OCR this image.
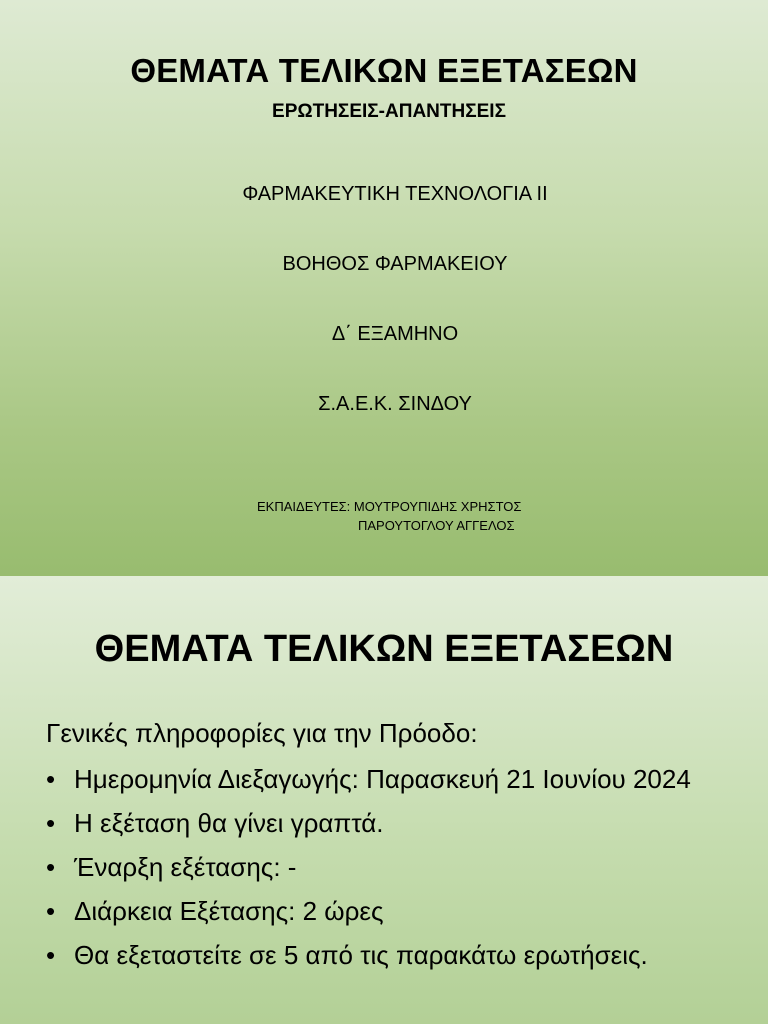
ΘΕΜΑΤΑ ΤΕΛΙΚΩΝ ΕΞΕΤΑΣΕΩΝ
ΕΡΩΤΗΣΕΙΣ-ΑΠΑΝΤΗΣΕΙΣ
ΦΑΡΜΑΚΕΥΤΙΚΗ ΤΕΧΝΟΛΟΓΙΑ ΙΙ
ΒΟΗΘΟΣ ΦΑΡΜΑΚΕΙΟΥ
Δ΄ ΕΞΑΜΗΝΟ
Σ.Α.Ε.Κ. ΣΙΝΔΟΥ
ΕΚΠΑΙΔΕΥΤΕΣ: ΜΟΥΤΡΟΥΠΙΔΗΣ ΧΡΗΣΤΟΣ
ΠΑΡΟΥΤΟΓΛΟΥ ΑΓΓΕΛΟΣ
ΘΕΜΑΤΑ ΤΕΛΙΚΩΝ ΕΞΕΤΑΣΕΩΝ
Γενικές πληροφορίες για την Πρόοδο:
• Ημερομηνία Διεξαγωγής: Παρασκευή 21 Ιουνίου 2024
• Η εξέταση θα γίνει γραπτά.
• Έναρξη εξέτασης: -
• Διάρκεια Εξέτασης: 2 ώρες
• Θα εξεταστείτε σε 5 από τις παρακάτω ερωτήσεις.
